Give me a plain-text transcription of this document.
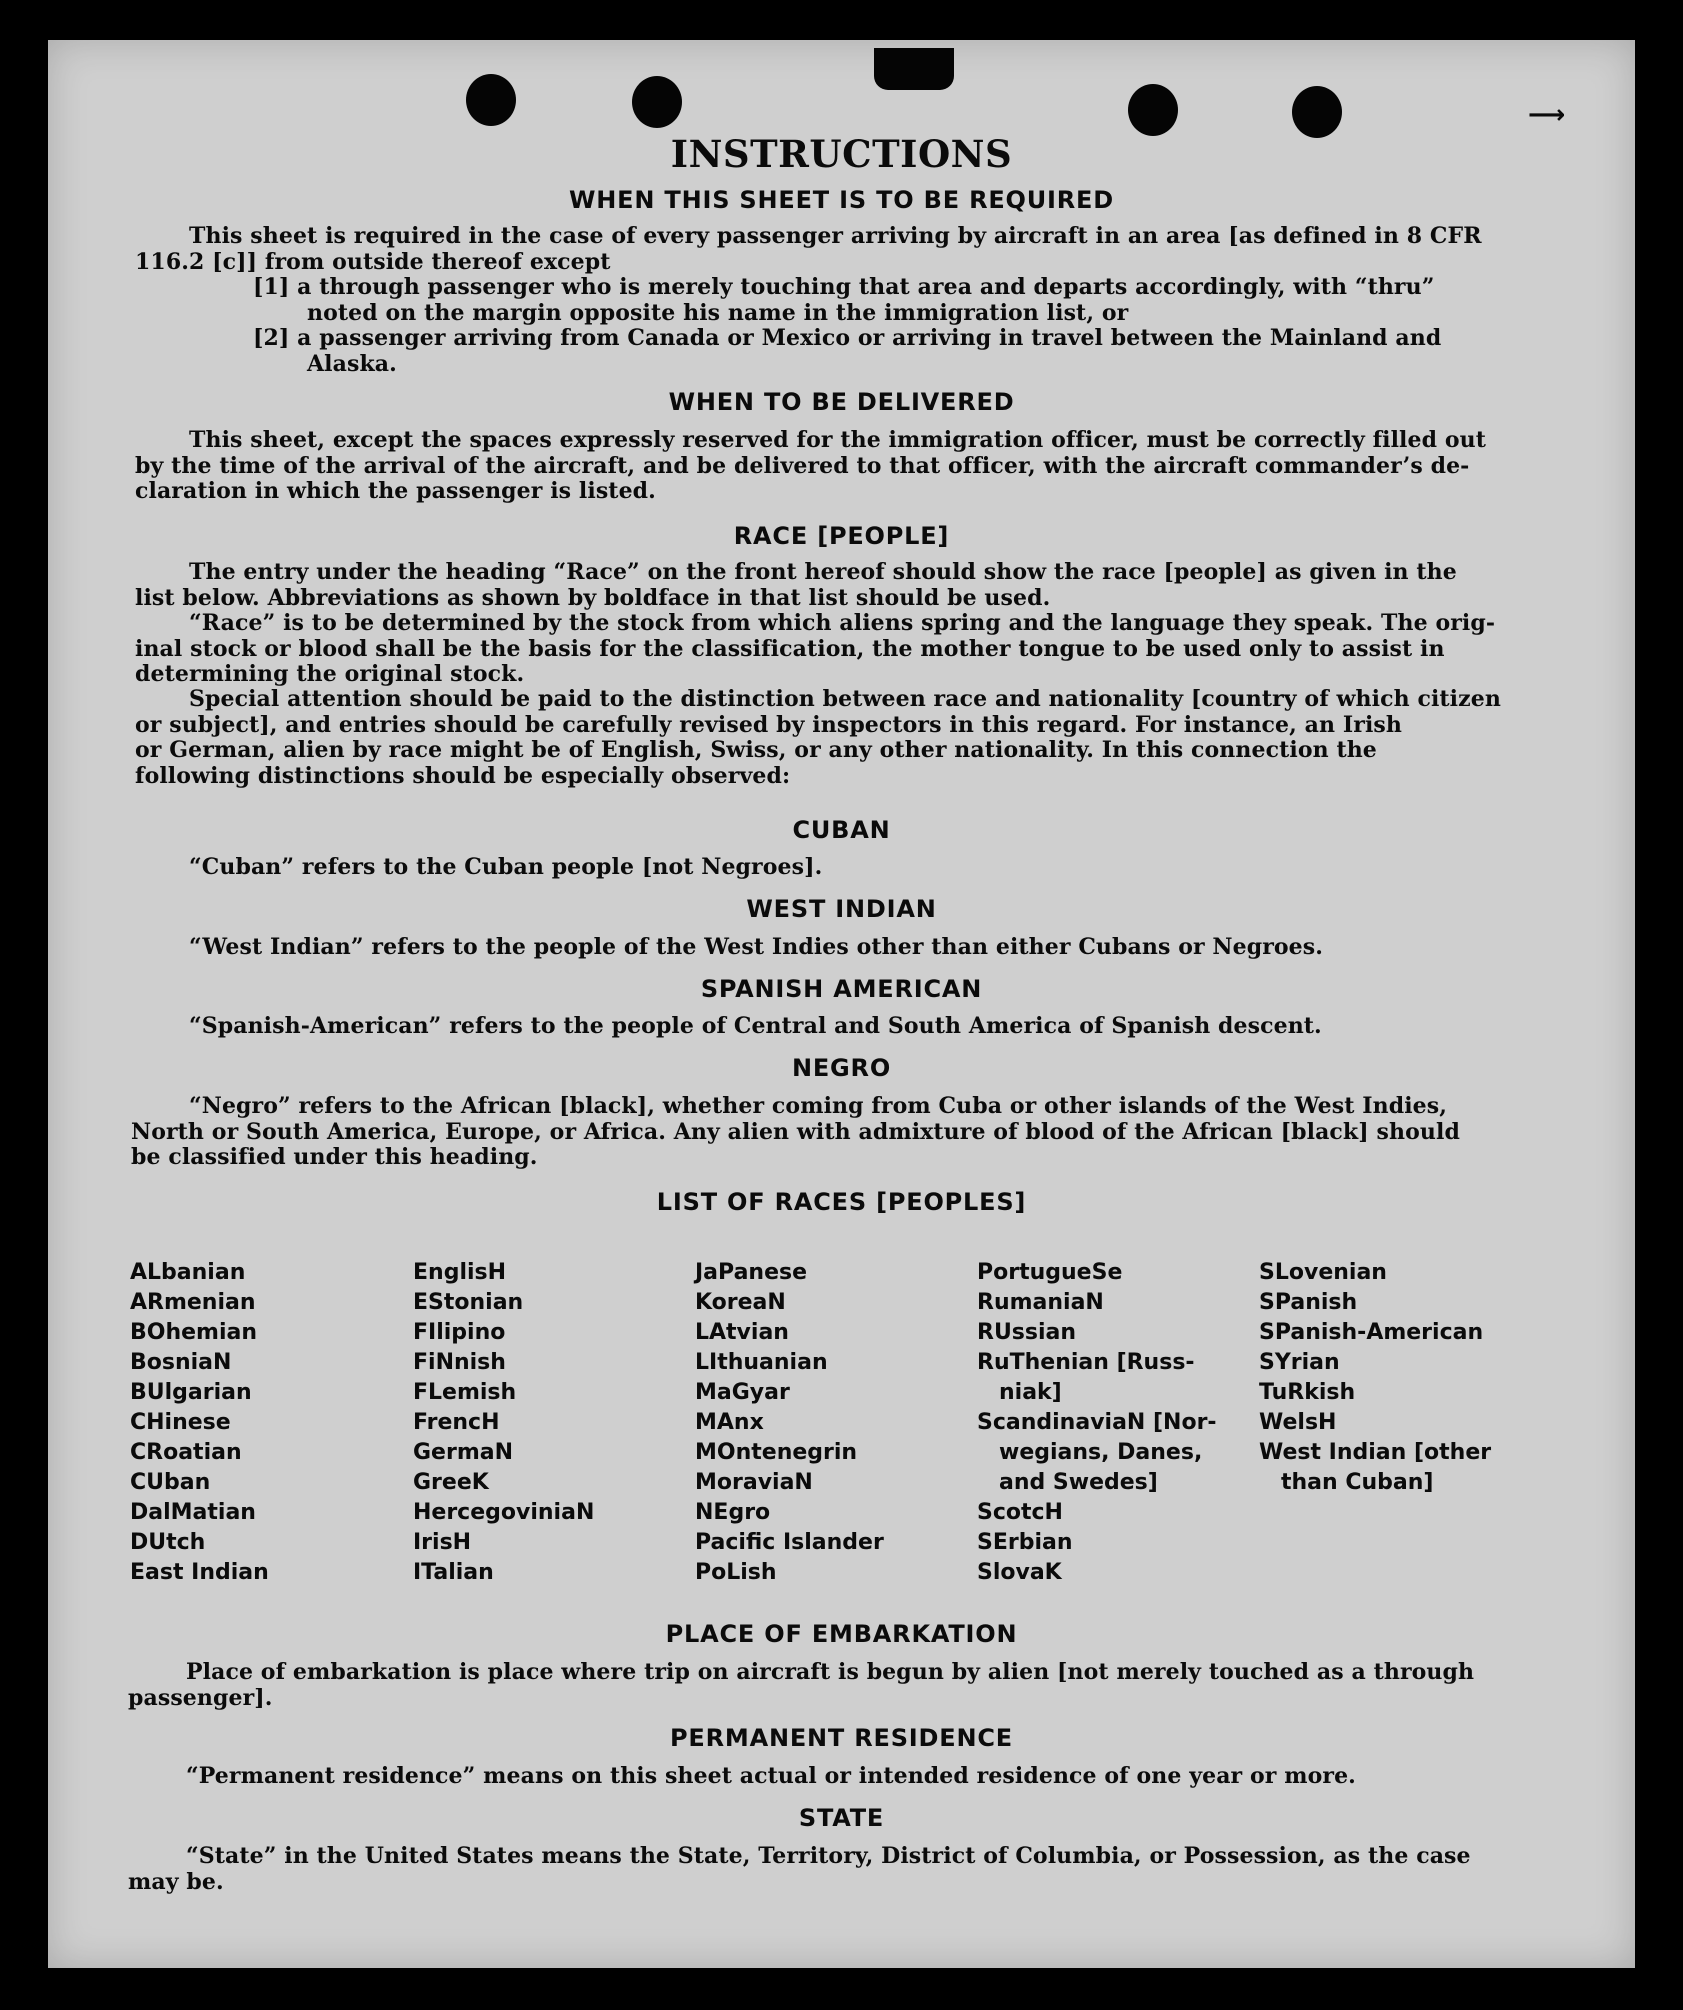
⟶
INSTRUCTIONS
WHEN THIS SHEET IS TO BE REQUIRED
This sheet is required in the case of every passenger arriving by aircraft in an area [as defined in 8 CFR
116.2 [c]] from outside thereof except
[1] a through passenger who is merely touching that area and departs accordingly, with “thru”
noted on the margin opposite his name in the immigration list, or
[2] a passenger arriving from Canada or Mexico or arriving in travel between the Mainland and
Alaska.
WHEN TO BE DELIVERED
This sheet, except the spaces expressly reserved for the immigration officer, must be correctly filled out
by the time of the arrival of the aircraft, and be delivered to that officer, with the aircraft commander’s de-
claration in which the passenger is listed.
RACE [PEOPLE]
The entry under the heading “Race” on the front hereof should show the race [people] as given in the
list below. Abbreviations as shown by boldface in that list should be used.
“Race” is to be determined by the stock from which aliens spring and the language they speak. The orig-
inal stock or blood shall be the basis for the classification, the mother tongue to be used only to assist in
determining the original stock.
Special attention should be paid to the distinction between race and nationality [country of which citizen
or subject], and entries should be carefully revised by inspectors in this regard. For instance, an Irish
or German, alien by race might be of English, Swiss, or any other nationality. In this connection the
following distinctions should be especially observed:
CUBAN
“Cuban” refers to the Cuban people [not Negroes].
WEST INDIAN
“West Indian” refers to the people of the West Indies other than either Cubans or Negroes.
SPANISH AMERICAN
“Spanish-American” refers to the people of Central and South America of Spanish descent.
NEGRO
“Negro” refers to the African [black], whether coming from Cuba or other islands of the West Indies,
North or South America, Europe, or Africa. Any alien with admixture of blood of the African [black] should
be classified under this heading.
LIST OF RACES [PEOPLES]
ALbanian
ARmenian
BOhemian
BosniaN
BUlgarian
CHinese
CRoatian
CUban
DalMatian
DUtch
East Indian
EnglisH
EStonian
FIlipino
FiNnish
FLemish
FrencH
GermaN
GreeK
HercegoviniaN
IrisH
ITalian
JaPanese
KoreaN
LAtvian
LIthuanian
MaGyar
MAnx
MOntenegrin
MoraviaN
NEgro
Pacific Islander
PoLish
PortugueSe
RumaniaN
RUssian
RuThenian [Russ-
niak]
ScandinaviaN [Nor-
wegians, Danes,
and Swedes]
ScotcH
SErbian
SlovaK
SLovenian
SPanish
SPanish-American
SYrian
TuRkish
WelsH
West Indian [other
than Cuban]
PLACE OF EMBARKATION
Place of embarkation is place where trip on aircraft is begun by alien [not merely touched as a through
passenger].
PERMANENT RESIDENCE
“Permanent residence” means on this sheet actual or intended residence of one year or more.
STATE
“State” in the United States means the State, Territory, District of Columbia, or Possession, as the case
may be.
